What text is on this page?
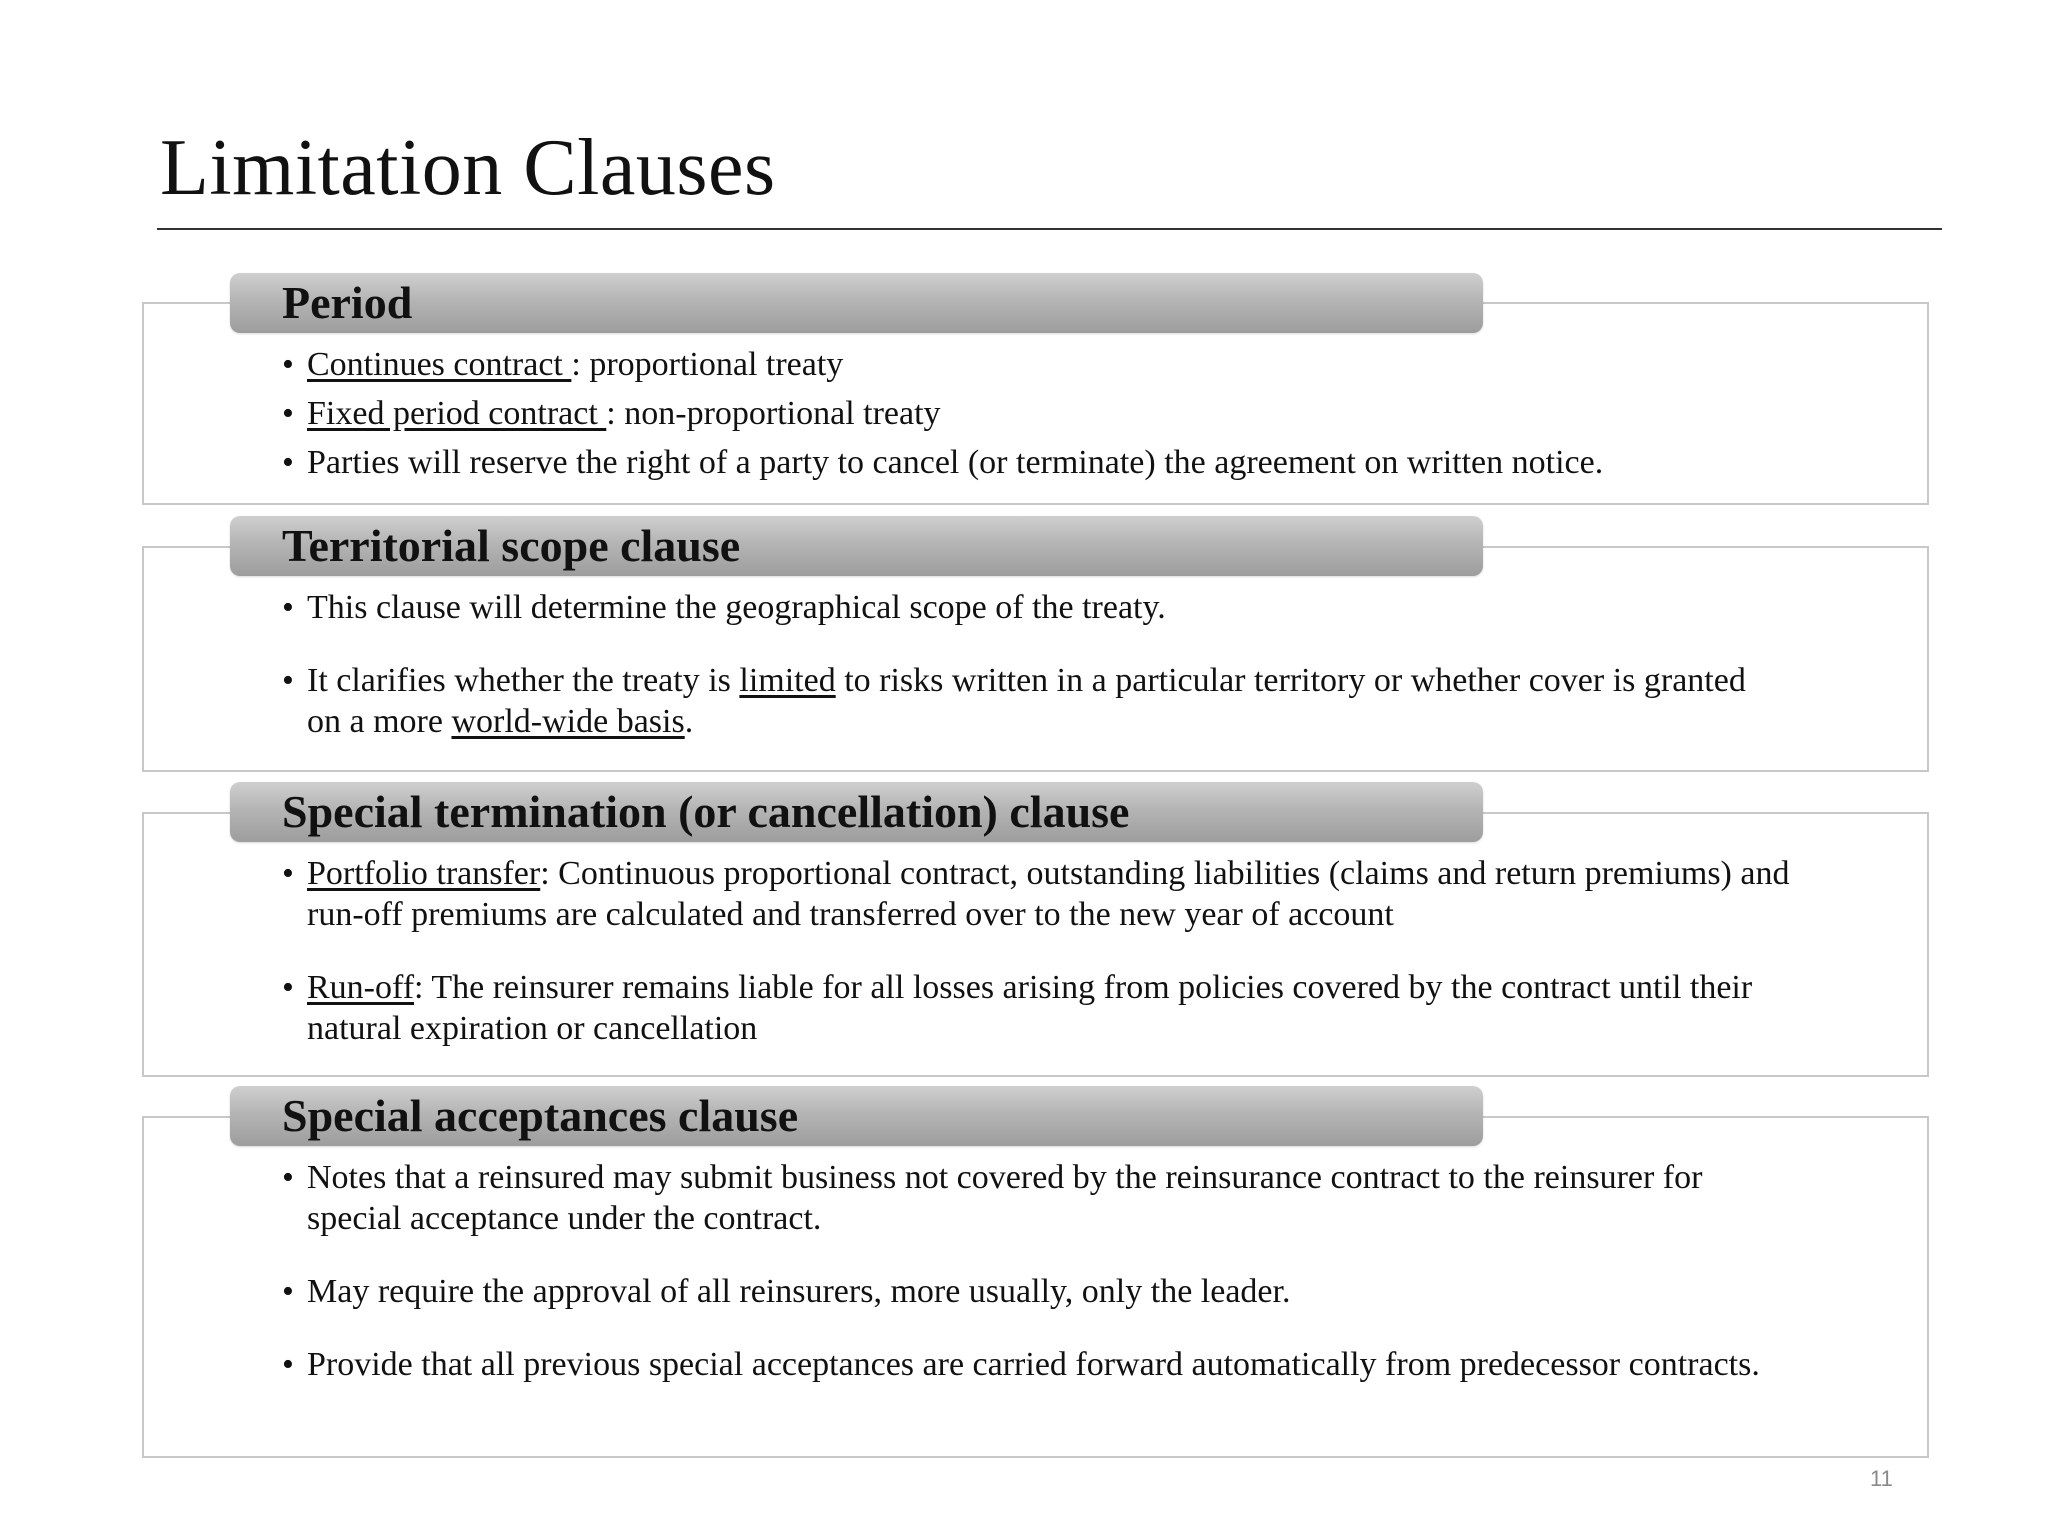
Limitation Clauses
Period
• Continues contract : proportional treaty
• Fixed period contract : non-proportional treaty
• Parties will reserve the right of a party to cancel (or terminate) the agreement on written notice.
Territorial scope clause
• This clause will determine the geographical scope of the treaty.
• It clarifies whether the treaty is limited to risks written in a particular territory or whether cover is granted on a more world-wide basis.
Special termination (or cancellation) clause
• Portfolio transfer: Continuous proportional contract, outstanding liabilities (claims and return premiums) and run-off premiums are calculated and transferred over to the new year of account
• Run-off: The reinsurer remains liable for all losses arising from policies covered by the contract until their natural expiration or cancellation
Special acceptances clause
• Notes that a reinsured may submit business not covered by the reinsurance contract to the reinsurer for special acceptance under the contract.
• May require the approval of all reinsurers, more usually, only the leader.
• Provide that all previous special acceptances are carried forward automatically from predecessor contracts.
11
